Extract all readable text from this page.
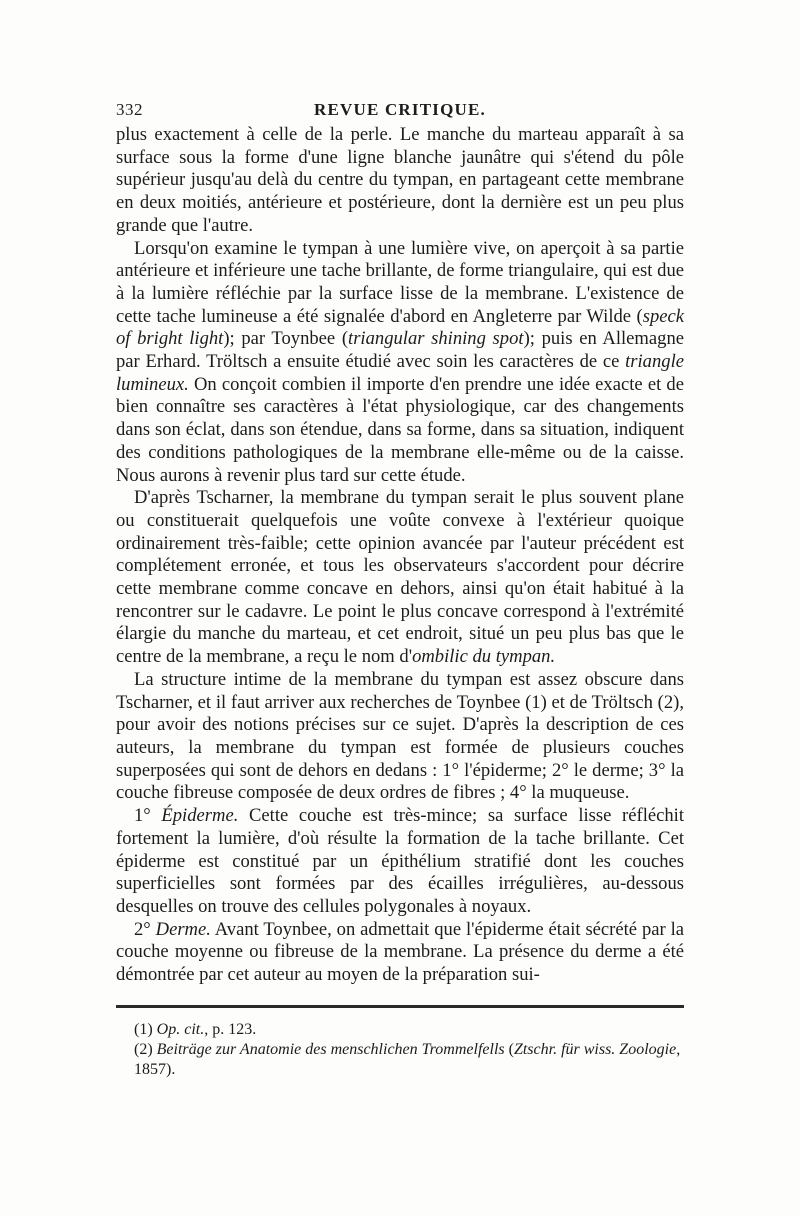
332	REVUE CRITIQUE.

plus exactement à celle de la perle. Le manche du marteau apparaît à sa surface sous la forme d'une ligne blanche jaunâtre qui s'étend du pôle supérieur jusqu'au delà du centre du tympan, en partageant cette membrane en deux moitiés, antérieure et postérieure, dont la dernière est un peu plus grande que l'autre.

Lorsqu'on examine le tympan à une lumière vive, on aperçoit à sa partie antérieure et inférieure une tache brillante, de forme triangulaire, qui est due à la lumière réfléchie par la surface lisse de la membrane. L'existence de cette tache lumineuse a été signalée d'abord en Angleterre par Wilde (speck of bright light); par Toynbee (triangular shining spot); puis en Allemagne par Erhard. Tröltsch a ensuite étudié avec soin les caractères de ce triangle lumineux. On conçoit combien il importe d'en prendre une idée exacte et de bien connaître ses caractères à l'état physiologique, car des changements dans son éclat, dans son étendue, dans sa forme, dans sa situation, indiquent des conditions pathologiques de la membrane elle-même ou de la caisse. Nous aurons à revenir plus tard sur cette étude.

D'après Tscharner, la membrane du tympan serait le plus souvent plane ou constituerait quelquefois une voûte convexe à l'extérieur quoique ordinairement très-faible; cette opinion avancée par l'auteur précédent est complétement erronée, et tous les observateurs s'accordent pour décrire cette membrane comme concave en dehors, ainsi qu'on était habitué à la rencontrer sur le cadavre. Le point le plus concave correspond à l'extrémité élargie du manche du marteau, et cet endroit, situé un peu plus bas que le centre de la membrane, a reçu le nom d'ombilic du tympan.

La structure intime de la membrane du tympan est assez obscure dans Tscharner, et il faut arriver aux recherches de Toynbee (1) et de Tröltsch (2), pour avoir des notions précises sur ce sujet. D'après la description de ces auteurs, la membrane du tympan est formée de plusieurs couches superposées qui sont de dehors en dedans : 1° l'épiderme; 2° le derme; 3° la couche fibreuse composée de deux ordres de fibres ; 4° la muqueuse.

1° Épiderme. Cette couche est très-mince; sa surface lisse réfléchit fortement la lumière, d'où résulte la formation de la tache brillante. Cet épiderme est constitué par un épithélium stratifié dont les couches superficielles sont formées par des écailles irrégulières, au-dessous desquelles on trouve des cellules polygonales à noyaux.

2° Derme. Avant Toynbee, on admettait que l'épiderme était sécrété par la couche moyenne ou fibreuse de la membrane. La présence du derme a été démontrée par cet auteur au moyen de la préparation sui-

(1) Op. cit., p. 123.
(2) Beiträge zur Anatomie des menschlichen Trommelfells (Ztschr. für wiss. Zoologie, 1857).
